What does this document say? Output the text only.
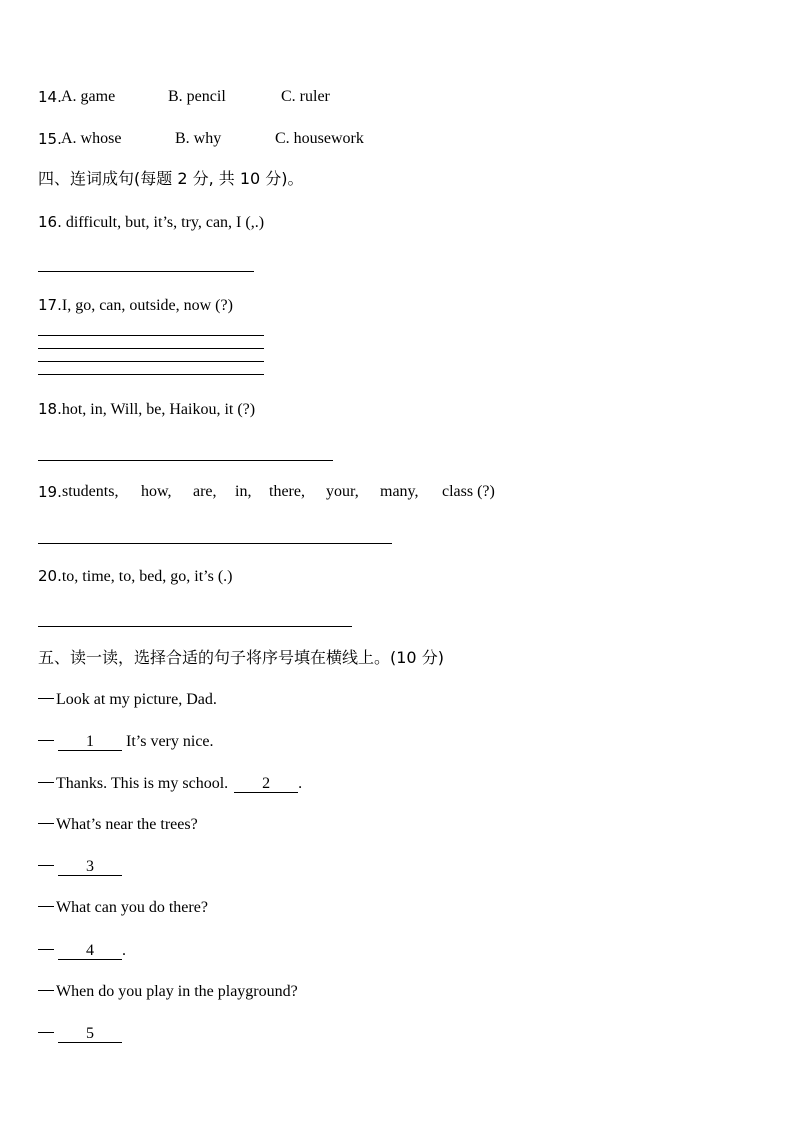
14. A. game	B. pencil	C. ruler
15. A. whose	B. why	C. housework
四、连词成句(每题 2 分, 共 10 分)。
16. difficult, but, it’s, try, can, I (,.)
17.I, go, can, outside, now (?)
18.hot, in, Will, be, Haikou, it (?)
19. students, how, are, in, there, your, many, class (?)
20.to, time, to, bed, go, it’s (.)
五、读一读，选择合适的句子将序号填在横线上。(10 分)
Look at my picture, Dad.
1 It’s very nice.
Thanks. This is my school. 2 .
What’s near the trees?
3
What can you do there?
4 .
When do you play in the playground?
5
